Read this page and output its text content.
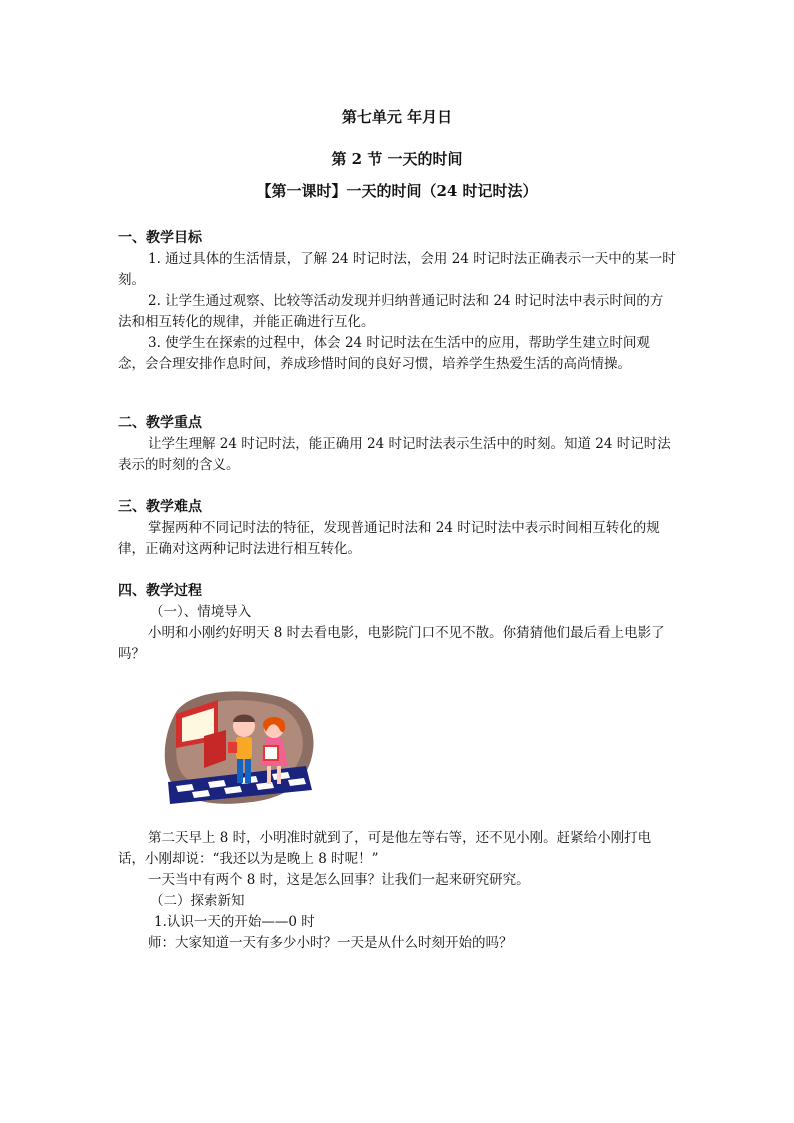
第七单元 年月日

第 2 节 一天的时间

【第一课时】一天的时间（24 时记时法）

一、教学目标

1. 通过具体的生活情景，了解 24 时记时法，会用 24 时记时法正确表示一天中的某一时刻。

2. 让学生通过观察、比较等活动发现并归纳普通记时法和 24 时记时法中表示时间的方法和相互转化的规律，并能正确进行互化。

3. 使学生在探索的过程中，体会 24 时记时法在生活中的应用，帮助学生建立时间观念，会合理安排作息时间，养成珍惜时间的良好习惯，培养学生热爱生活的高尚情操。

二、教学重点

让学生理解 24 时记时法，能正确用 24 时记时法表示生活中的时刻。知道 24 时记时法表示的时刻的含义。

三、教学难点

掌握两种不同记时法的特征，发现普通记时法和 24 时记时法中表示时间相互转化的规律，正确对这两种记时法进行相互转化。

四、教学过程

（一）、情境导入

小明和小刚约好明天 8 时去看电影，电影院门口不见不散。你猜猜他们最后看上电影了吗？

第二天早上 8 时，小明准时就到了，可是他左等右等，还不见小刚。赶紧给小刚打电话，小刚却说：“我还以为是晚上 8 时呢！”

一天当中有两个 8 时，这是怎么回事？让我们一起来研究研究。

（二）探索新知

1.认识一天的开始——0 时

师：大家知道一天有多少小时？一天是从什么时刻开始的吗？
